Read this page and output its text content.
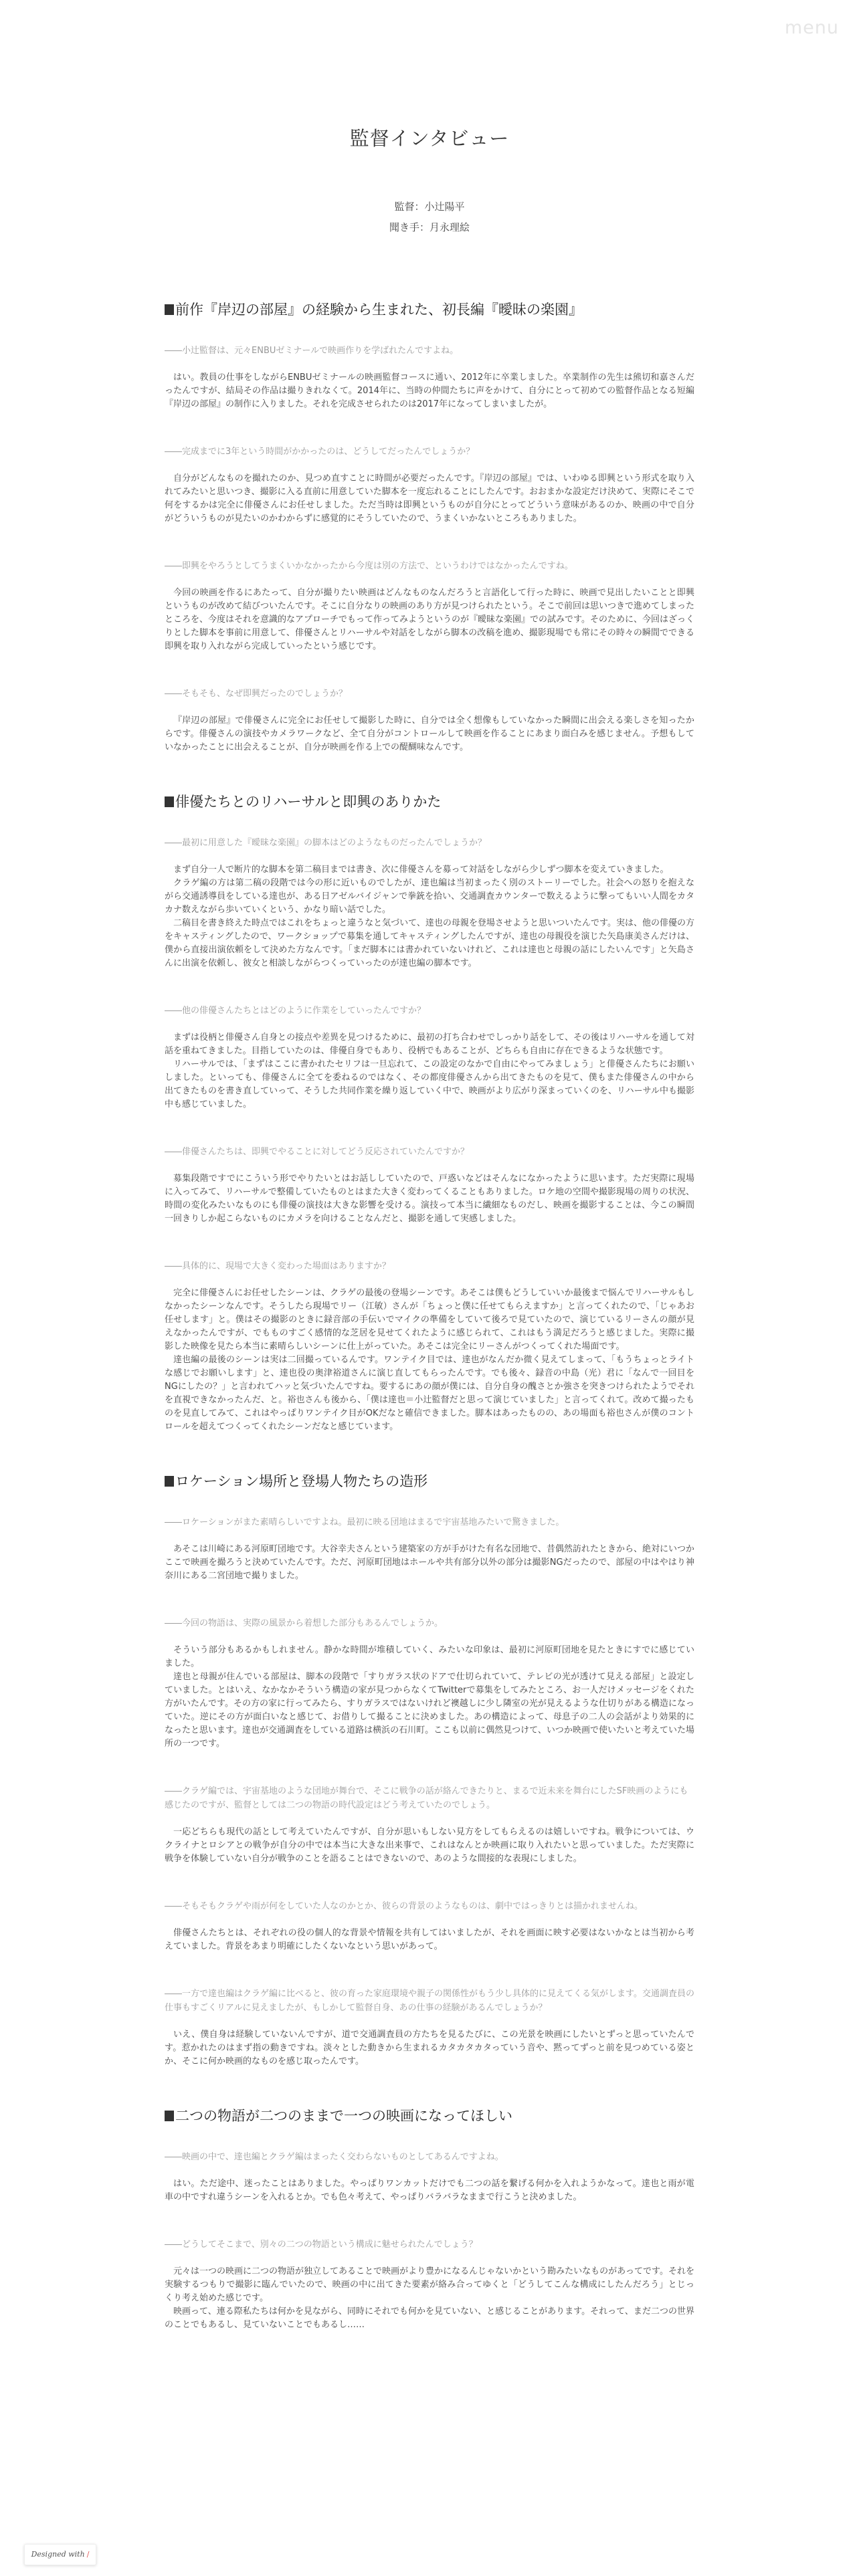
menu
監督インタビュー
監督：小辻陽平
聞き手：月永理絵
前作『岸辺の部屋』の経験から生まれた、初長編『曖昧の楽園』

――小辻監督は、元々ENBUゼミナールで映画作りを学ばれたんですよね。

はい。教員の仕事をしながらENBUゼミナールの映画監督コースに通い、2012年に卒業しました。卒業制作の先生は熊切和嘉さんだったんですが、結局その作品は撮りきれなくて。2014年に、当時の仲間たちに声をかけて、自分にとって初めての監督作品となる短編『岸辺の部屋』の制作に入りました。それを完成させられたのは2017年になってしまいましたが。

――完成までに3年という時間がかかったのは、どうしてだったんでしょうか？

自分がどんなものを撮れたのか、見つめ直すことに時間が必要だったんです。『岸辺の部屋』では、いわゆる即興という形式を取り入れてみたいと思いつき、撮影に入る直前に用意していた脚本を一度忘れることにしたんです。おおまかな設定だけ決めて、実際にそこで何をするかは完全に俳優さんにお任せしました。ただ当時は即興というものが自分にとってどういう意味があるのか、映画の中で自分がどういうものが見たいのかわからずに感覚的にそうしていたので、うまくいかないところもありました。

――即興をやろうとしてうまくいかなかったから今度は別の方法で、というわけではなかったんですね。

今回の映画を作るにあたって、自分が撮りたい映画はどんなものなんだろうと言語化して行った時に、映画で見出したいことと即興というものが改めて結びついたんです。そこに自分なりの映画のあり方が見つけられたという。そこで前回は思いつきで進めてしまったところを、今度はそれを意識的なアプローチでもって作ってみようというのが『曖昧な楽園』での試みです。そのために、今回はざっくりとした脚本を事前に用意して、俳優さんとリハーサルや対話をしながら脚本の改稿を進め、撮影現場でも常にその時々の瞬間でできる即興を取り入れながら完成していったという感じです。

――そもそも、なぜ即興だったのでしょうか？

『岸辺の部屋』で俳優さんに完全にお任せして撮影した時に、自分では全く想像もしていなかった瞬間に出会える楽しさを知ったからです。俳優さんの演技やカメラワークなど、全て自分がコントロールして映画を作ることにあまり面白みを感じません。予想もしていなかったことに出会えることが、自分が映画を作る上での醍醐味なんです。

俳優たちとのリハーサルと即興のありかた

――最初に用意した『曖昧な楽園』の脚本はどのようなものだったんでしょうか？

まず自分一人で断片的な脚本を第二稿目までは書き、次に俳優さんを募って対話をしながら少しずつ脚本を変えていきました。

クラゲ編の方は第二稿の段階では今の形に近いものでしたが、達也編は当初まったく別のストーリーでした。社会への怒りを抱えながら交通誘導員をしている達也が、ある日アゼルバイジャンで拳銃を拾い、交通調査カウンターで数えるように撃ってもいい人間をカタカナ数えながら歩いていくという、かなり暗い話でした。

二稿目を書き終えた時点ではこれをちょっと違うなと気づいて、達也の母親を登場させようと思いついたんです。実は、他の俳優の方をキャスティングしたので、ワークショップで募集を通してキャスティングしたんですが、達也の母親役を演じた矢島康美さんだけは、僕から直接出演依頼をして決めた方なんです。「まだ脚本には書かれていないけれど、これは達也と母親の話にしたいんです」と矢島さんに出演を依頼し、彼女と相談しながらつくっていったのが達也編の脚本です。

――他の俳優さんたちとはどのように作業をしていったんですか？

まずは役柄と俳優さん自身との接点や差異を見つけるために、最初の打ち合わせでしっかり話をして、その後はリハーサルを通して対話を重ねてきました。目指していたのは、俳優自身でもあり、役柄でもあることが、どちらも自由に存在できるような状態です。

リハーサルでは、「まずはここに書かれたセリフは一旦忘れて、この設定のなかで自由にやってみましょう」と俳優さんたちにお願いしました。といっても、俳優さんに全てを委ねるのではなく、その都度俳優さんから出てきたものを見て、僕もまた俳優さんの中から出てきたものを書き直していって、そうした共同作業を繰り返していく中で、映画がより広がり深まっていくのを、リハーサル中も撮影中も感じていました。

――俳優さんたちは、即興でやることに対してどう反応されていたんですか？

募集段階ですでにこういう形でやりたいとはお話ししていたので、戸惑いなどはそんなになかったように思います。ただ実際に現場に入ってみて、リハーサルで整備していたものとはまた大きく変わってくることもありました。ロケ地の空間や撮影現場の周りの状況、時間の変化みたいなものにも俳優の演技は大きな影響を受ける。演技って本当に繊細なものだし、映画を撮影することは、今この瞬間一回きりしか起こらないものにカメラを向けることなんだと、撮影を通して実感しました。

――具体的に、現場で大きく変わった場面はありますか？

完全に俳優さんにお任せしたシーンは、クラゲの最後の登場シーンです。あそこは僕もどうしていいか最後まで悩んでリハーサルもしなかったシーンなんです。そうしたら現場でリー（江敏）さんが「ちょっと僕に任せてもらえますか」と言ってくれたので、「じゃあお任せします」と。僕はその撮影のときに録音部の手伝いでマイクの準備をしていて後ろで見ていたので、演じているリーさんの顔が見えなかったんですが、でもものすごく感情的な芝居を見せてくれたように感じられて、これはもう満足だろうと感じました。実際に撮影した映像を見たら本当に素晴らしいシーンに仕上がっていた。あそこは完全にリーさんがつくってくれた場面です。

達也編の最後のシーンは実は二回撮っているんです。ワンテイク目では、達也がなんだか微く見えてしまって、「もうちょっとライトな感じでお願いします」と、達也役の奥津裕道さんに演じ直してもらったんです。でも後々、録音の中島（光）君に「なんで一回目をNGにしたの？」と言われてハッと気づいたんですね。要するにあの顔が僕には、自分自身の醜さとか強さを突きつけられたようでそれを直視できなかったんだ、と。裕也さんも後から、「僕は達也＝小辻監督だと思って演じていました」と言ってくれて。改めて撮ったものを見直してみて、これはやっぱりワンテイク目がOKだなと確信できました。脚本はあったものの、あの場面も裕也さんが僕のコントロールを超えてつくってくれたシーンだなと感じています。

ロケーション場所と登場人物たちの造形

――ロケーションがまた素晴らしいですよね。最初に映る団地はまるで宇宙基地みたいで驚きました。

あそこは川崎にある河原町団地です。大谷幸夫さんという建築家の方が手がけた有名な団地で、昔偶然訪れたときから、絶対にいつかここで映画を撮ろうと決めていたんです。ただ、河原町団地はホールや共有部分以外の部分は撮影NGだったので、部屋の中はやはり神奈川にある二宮団地で撮りました。

――今回の物語は、実際の風景から着想した部分もあるんでしょうか。

そういう部分もあるかもしれません。静かな時間が堆積していく、みたいな印象は、最初に河原町団地を見たときにすでに感じていました。

達也と母親が住んでいる部屋は、脚本の段階で「すりガラス状のドアで仕切られていて、テレビの光が透けて見える部屋」と設定していました。とはいえ、なかなかそういう構造の家が見つからなくてTwitterで募集をしてみたところ、お一人だけメッセージをくれた方がいたんです。その方の家に行ってみたら、すりガラスではないけれど襖越しに少し隣室の光が見えるような仕切りがある構造になっていた。逆にその方が面白いなと感じて、お借りして撮ることに決めました。あの構造によって、母息子の二人の会話がより効果的になったと思います。達也が交通調査をしている道路は横浜の石川町。ここも以前に偶然見つけて、いつか映画で使いたいと考えていた場所の一つです。

――クラゲ編では、宇宙基地のような団地が舞台で、そこに戦争の話が絡んできたりと、まるで近未来を舞台にしたSF映画のようにも感じたのですが、監督としては二つの物語の時代設定はどう考えていたのでしょう。

一応どちらも現代の話として考えていたんですが、自分が思いもしない見方をしてもらえるのは嬉しいですね。戦争については、ウクライナとロシアとの戦争が自分の中では本当に大きな出来事で、これはなんとか映画に取り入れたいと思っていました。ただ実際に戦争を体験していない自分が戦争のことを語ることはできないので、あのような間接的な表現にしました。

――そもそもクラゲや雨が何をしていた人なのかとか、彼らの背景のようなものは、劇中ではっきりとは描かれませんね。

俳優さんたちとは、それぞれの役の個人的な背景や情報を共有してはいましたが、それを画面に映す必要はないかなとは当初から考えていました。背景をあまり明確にしたくないなという思いがあって。

――一方で達也編はクラゲ編に比べると、彼の育った家庭環境や親子の関係性がもう少し具体的に見えてくる気がします。交通調査員の仕事もすごくリアルに見えましたが、もしかして監督自身、あの仕事の経験があるんでしょうか？

いえ、僕自身は経験していないんですが、道で交通調査員の方たちを見るたびに、この光景を映画にしたいとずっと思っていたんです。惹かれたのはまず指の動きですね。淡々とした動きから生まれるカタカタカタっていう音や、黙ってずっと前を見つめている姿とか、そこに何か映画的なものを感じ取ったんです。

二つの物語が二つのままで一つの映画になってほしい

――映画の中で、達也編とクラゲ編はまったく交わらないものとしてあるんですよね。

はい。ただ途中、迷ったことはありました。やっぱりワンカットだけでも二つの話を繋げる何かを入れようかなって。達也と雨が電車の中ですれ違うシーンを入れるとか。でも色々考えて、やっぱりバラバラなままで行こうと決めました。

――どうしてそこまで、別々の二つの物語という構成に魅せられたんでしょう？

元々は一つの映画に二つの物語が独立してあることで映画がより豊かになるんじゃないかという勘みたいなものがあってです。それを実験するつもりで撮影に臨んでいたので、映画の中に出てきた要素が絡み合ってゆくと「どうしてこんな構成にしたんだろう」とじっくり考え始めた感じです。

映画って、連る際私たちは何かを見ながら、同時にそれでも何かを見ていない、と感じることがあります。それって、まだ二つの世界のことでもあるし、見ていないことでもあるし……

Designed with /
